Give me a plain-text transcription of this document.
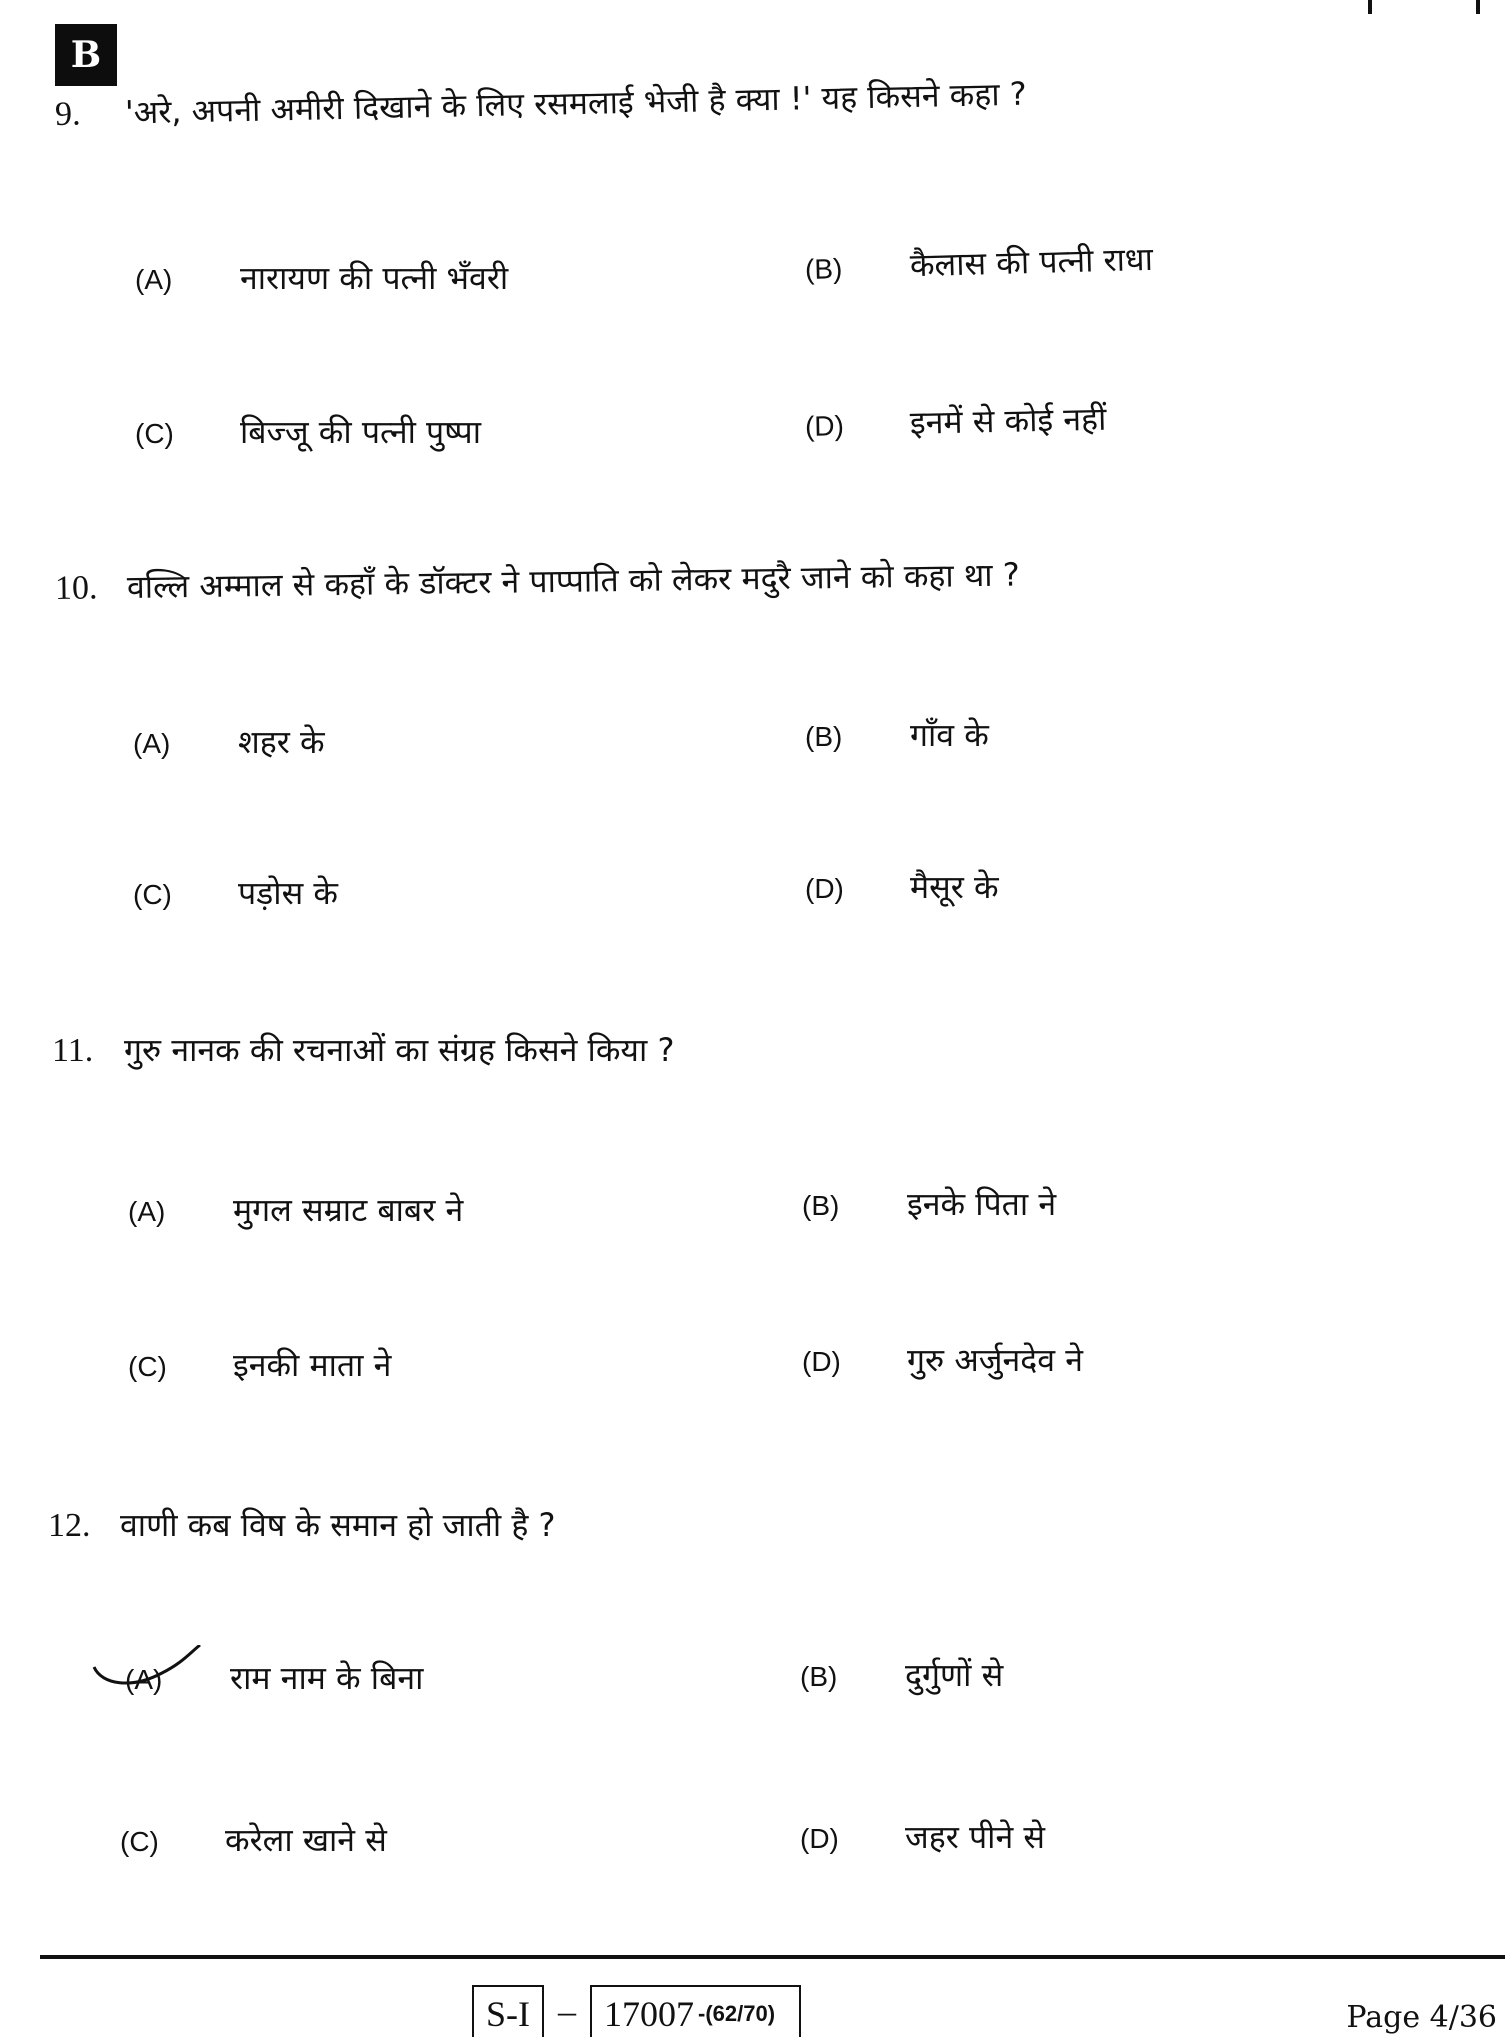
B
9. 'अरे, अपनी अमीरी दिखाने के लिए रसमलाई भेजी है क्या !' यह किसने कहा ?
(A)	नारायण की पत्नी भँवरी	(B)	कैलास की पत्नी राधा
(C)	बिज्जू की पत्नी पुष्पा	(D)	इनमें से कोई नहीं
10. वल्लि अम्माल से कहाँ के डॉक्टर ने पाप्पाति को लेकर मदुरै जाने को कहा था ?
(A)	शहर के	(B)	गाँव के
(C)	पड़ोस के	(D)	मैसूर के
11. गुरु नानक की रचनाओं का संग्रह किसने किया ?
(A)	मुगल सम्राट बाबर ने	(B)	इनके पिता ने
(C)	इनकी माता ने	(D)	गुरु अर्जुनदेव ने
12. वाणी कब विष के समान हो जाती है ?
(A)	राम नाम के बिना	(B)	दुर्गुणों से
(C)	करेला खाने से	(D)	जहर पीने से
S-I – 17007 -(62/70)	Page 4/36
